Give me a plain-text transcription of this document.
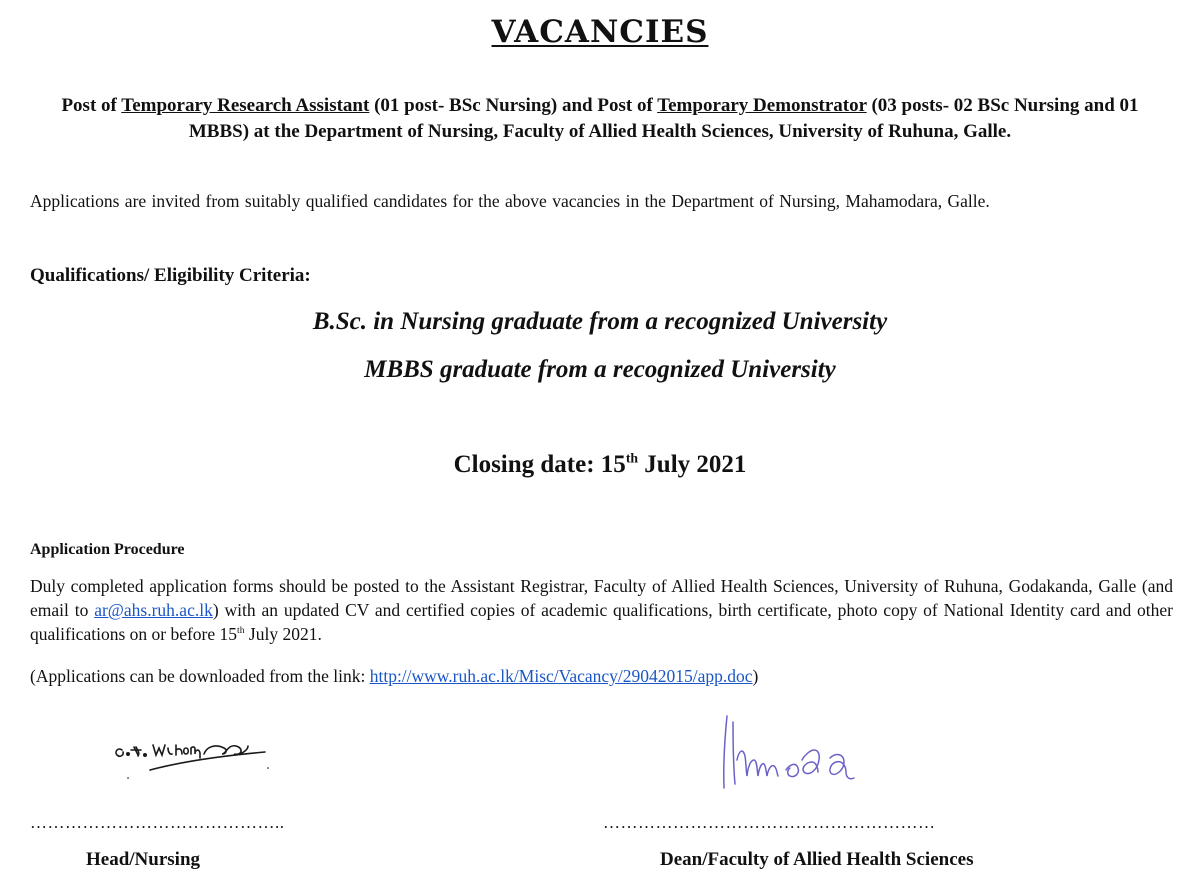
VACANCIES
Post of Temporary Research Assistant (01 post- BSc Nursing) and Post of Temporary Demonstrator (03 posts- 02 BSc Nursing and 01 MBBS) at the Department of Nursing, Faculty of Allied Health Sciences, University of Ruhuna, Galle.
Applications are invited from suitably qualified candidates for the above vacancies in the Department of Nursing, Mahamodara, Galle.
Qualifications/ Eligibility Criteria:
B.Sc. in Nursing graduate from a recognized University
MBBS graduate from a recognized University
Closing date: 15th July 2021
Application Procedure
Duly completed application forms should be posted to the Assistant Registrar, Faculty of Allied Health Sciences, University of Ruhuna, Godakanda, Galle (and email to ar@ahs.ruh.ac.lk) with an updated CV and certified copies of academic qualifications, birth certificate, photo copy of National Identity card and other qualifications on or before 15th July 2021.
(Applications can be downloaded from the link: http://www.ruh.ac.lk/Misc/Vacancy/29042015/app.doc)
……………………………………..	…………………………………………………
Head/Nursing	Dean/Faculty of Allied Health Sciences
